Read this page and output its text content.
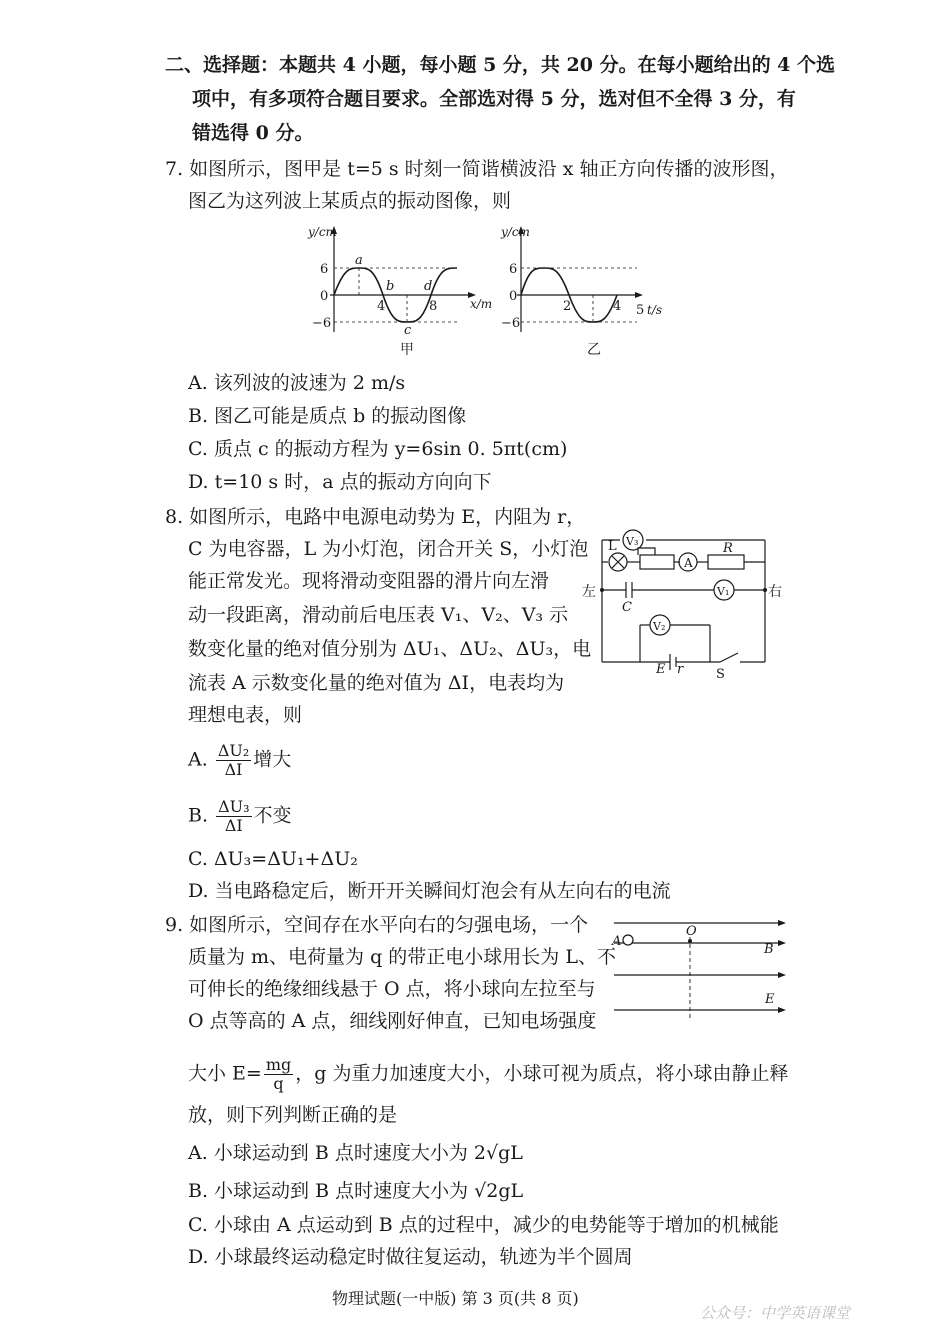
二、选择题：本题共 4 小题，每小题 5 分，共 20 分。在每小题给出的 4 个选
项中，有多项符合题目要求。全部选对得 5 分，选对但不全得 3 分，有
错选得 0 分。
7. 如图所示，图甲是 t=5 s 时刻一简谐横波沿 x 轴正方向传播的波形图，
图乙为这列波上某质点的振动图像，则
y/cm
6
0
−6
4	8	x/m
a
b
c
d
甲
y/cm
6
0
−6
2	4 5 t/s
乙
A. 该列波的波速为 2 m/s
B. 图乙可能是质点 b 的振动图像
C. 质点 c 的振动方程为 y=6sin 0. 5πt(cm)
D. t=10 s 时，a 点的振动方向向下
8. 如图所示，电路中电源电动势为 E，内阻为 r，
C 为电容器，L 为小灯泡，闭合开关 S，小灯泡
能正常发光。现将滑动变阻器的滑片向左滑
动一段距离，滑动前后电压表 V₁、V₂、V₃ 示
数变化量的绝对值分别为 ΔU₁、ΔU₂、ΔU₃，电
流表 A 示数变化量的绝对值为 ΔI，电表均为
理想电表，则
V₃
L
A
R
V₁
C
V₂
E r	S
左	右
A. $\frac{\text{ΔU₂}}{\Delta I}$ 增大
B. $\frac{\text{ΔU₃}}{\Delta I}$ 不变
C. ΔU₃=ΔU₁+ΔU₂
D. 当电路稳定后，断开开关瞬间灯泡会有从左向右的电流
9. 如图所示，空间存在水平向右的匀强电场，一个
质量为 m、电荷量为 q 的带正电小球用长为 L、不
可伸长的绝缘细线悬于 O 点，将小球向左拉至与
O 点等高的 A 点，细线刚好伸直，已知电场强度
A
O
B
E
大小 $E= \frac{mg}{q}$ ，g 为重力加速度大小，小球可视为质点，将小球由静止释
放，则下列判断正确的是
A. 小球运动到 B 点时速度大小为 2√gL
B. 小球运动到 B 点时速度大小为 √2gL
C. 小球由 A 点运动到 B 点的过程中，减少的电势能等于增加的机械能
D. 小球最终运动稳定时做往复运动，轨迹为半个圆周
物理试题(一中版) 第 3 页(共 8 页)
公众号：中学英语课堂
